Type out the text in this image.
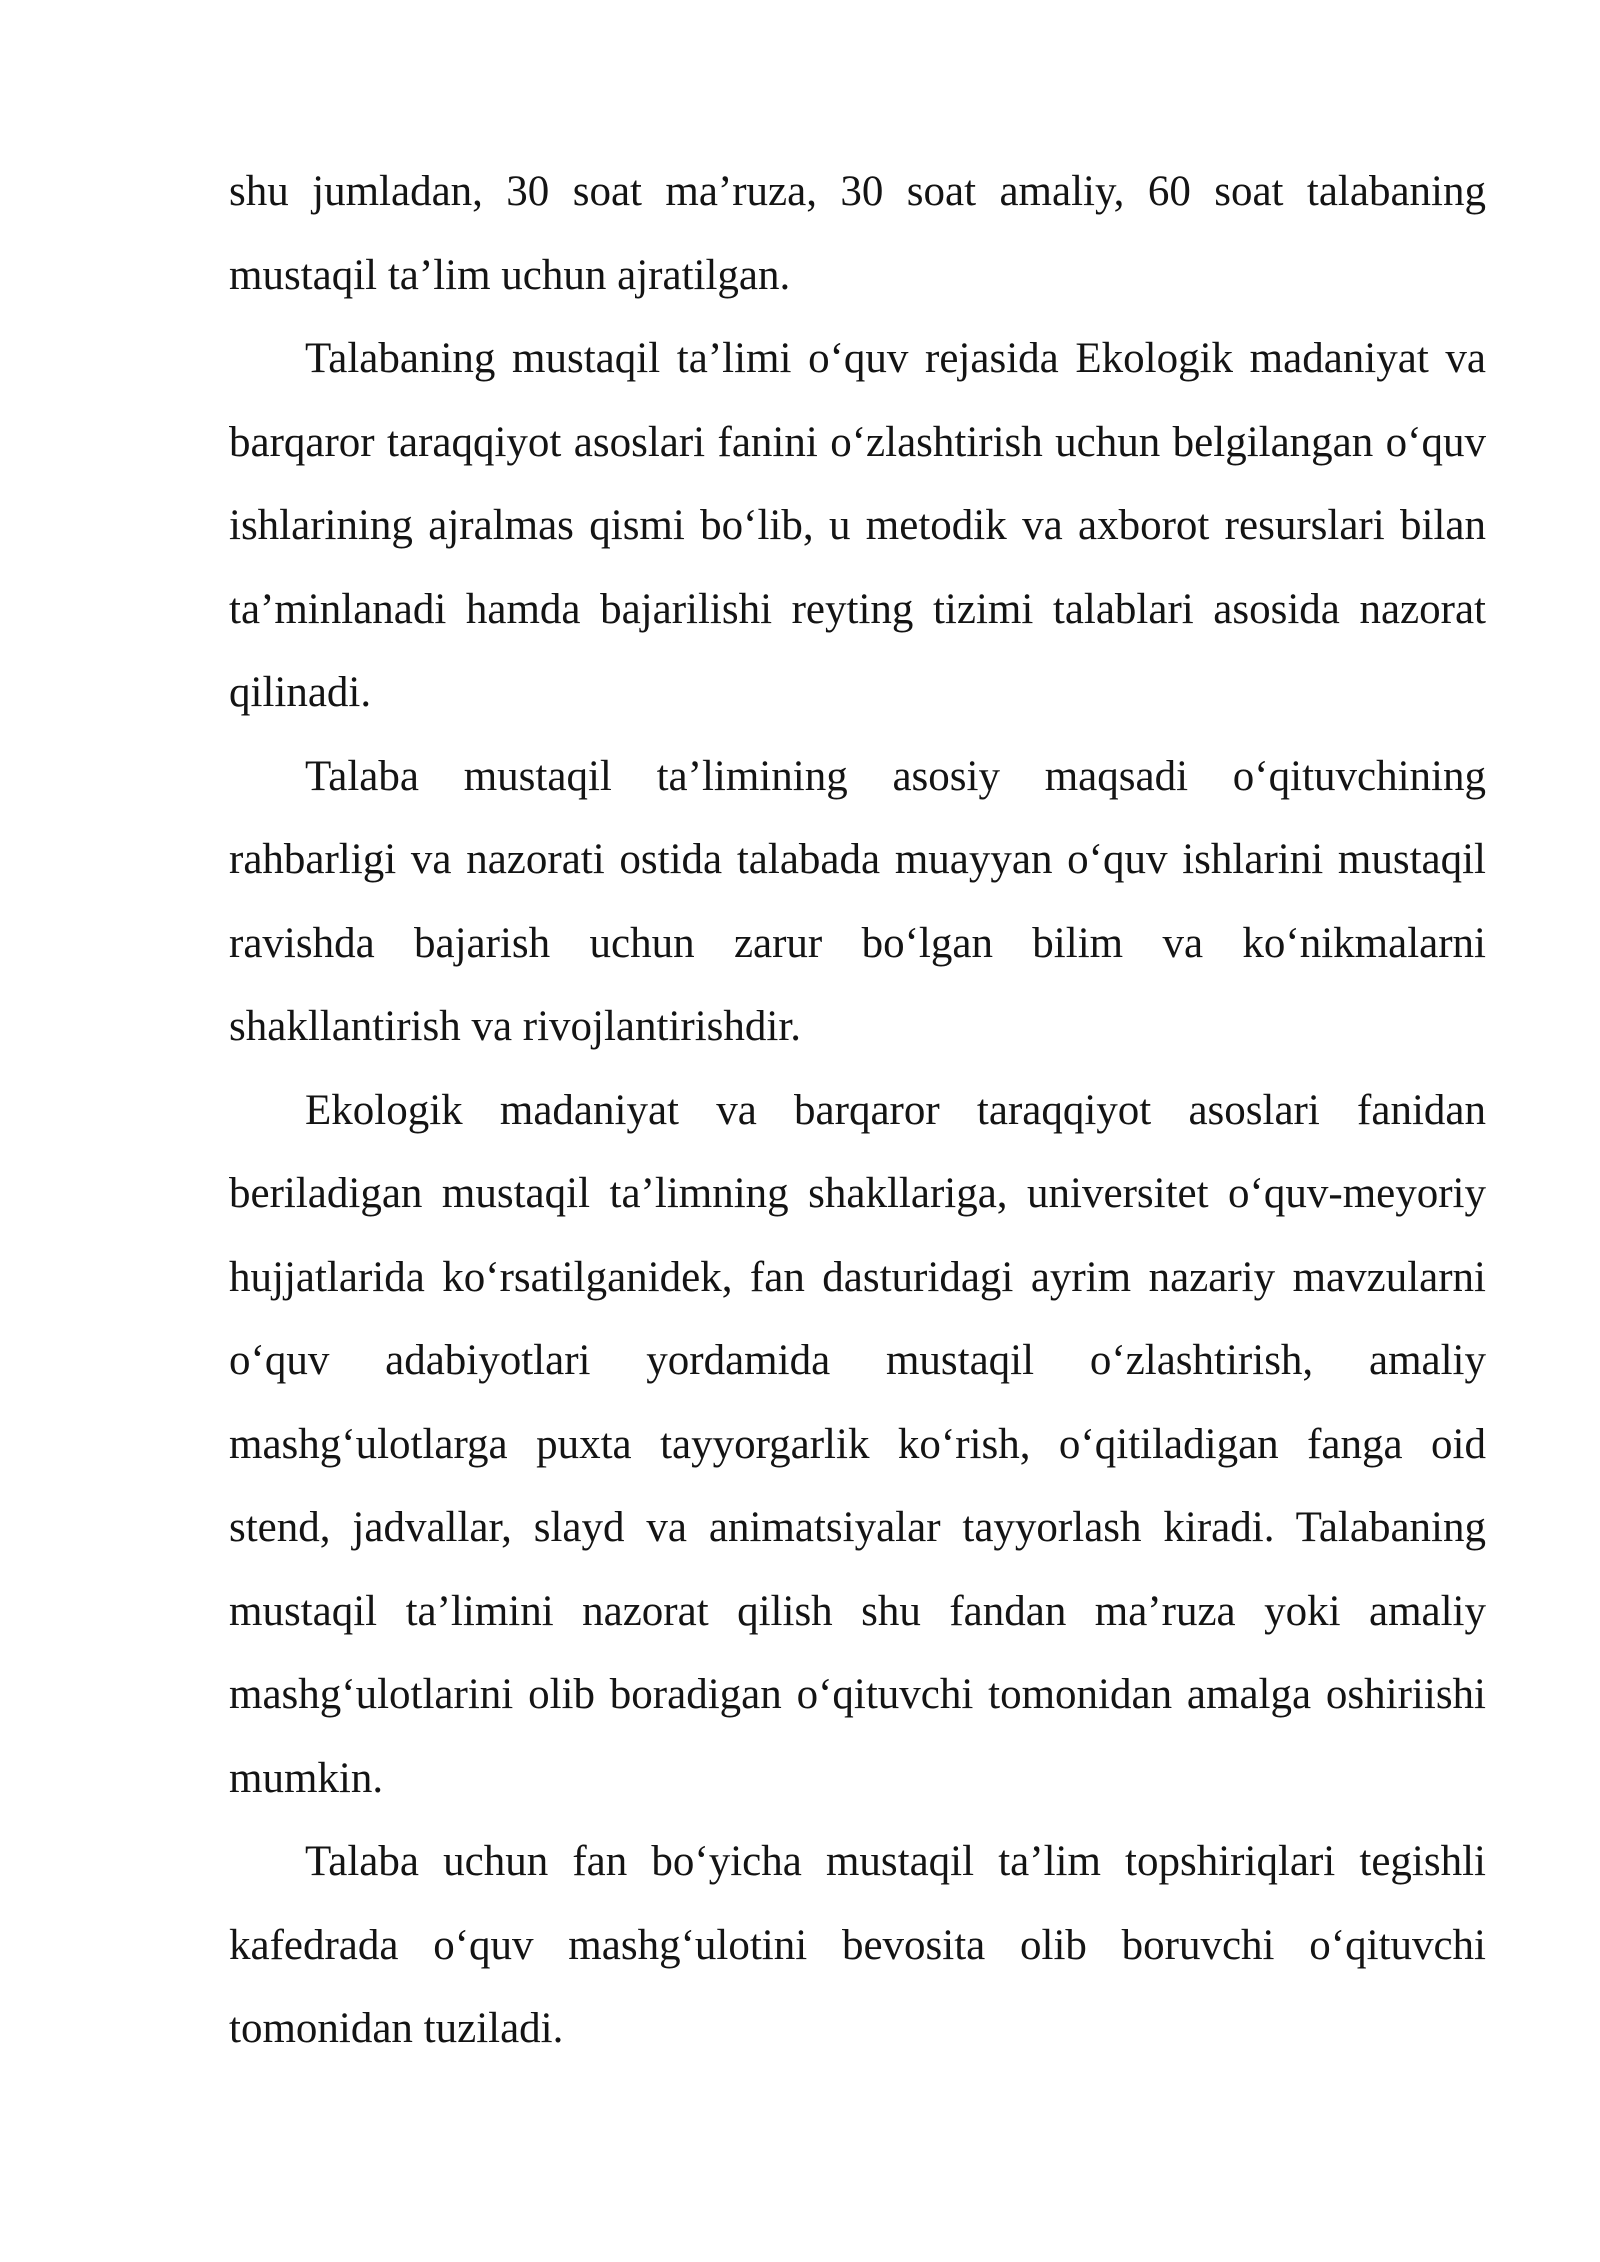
shu jumladan, 30 soat ma’ruza, 30 soat amaliy, 60 soat talabaning mustaqil ta’lim uchun ajratilgan.

Talabaning mustaqil ta’limi o‘quv rejasida Ekologik madaniyat va barqaror taraqqiyot asoslari fanini o‘zlashtirish uchun belgilangan o‘quv ishlarining ajralmas qismi bo‘lib, u metodik va axborot resurslari bilan ta’minlanadi hamda bajarilishi reyting tizimi talablari asosida nazorat qilinadi.

Talaba mustaqil ta’limining asosiy maqsadi o‘qituvchining rahbarligi va nazorati ostida talabada muayyan o‘quv ishlarini mustaqil ravishda bajarish uchun zarur bo‘lgan bilim va ko‘nikmalarni shakllantirish va rivojlantirishdir.

Ekologik madaniyat va barqaror taraqqiyot asoslari fanidan beriladigan mustaqil ta’limning shakllariga, universitet o‘quv-meyoriy hujjatlarida ko‘rsatilganidek, fan dasturidagi ayrim nazariy mavzularni o‘quv adabiyotlari yordamida mustaqil o‘zlashtirish, amaliy mashg‘ulotlarga puxta tayyorgarlik ko‘rish, o‘qitiladigan fanga oid stend, jadvallar, slayd va animatsiyalar tayyorlash kiradi. Talabaning mustaqil ta’limini nazorat qilish shu fandan ma’ruza yoki amaliy mashg‘ulotlarini olib boradigan o‘qituvchi tomonidan amalga oshiriishi mumkin.

Talaba uchun fan bo‘yicha mustaqil ta’lim topshiriqlari tegishli kafedrada o‘quv mashg‘ulotini bevosita olib boruvchi o‘qituvchi tomonidan tuziladi.
